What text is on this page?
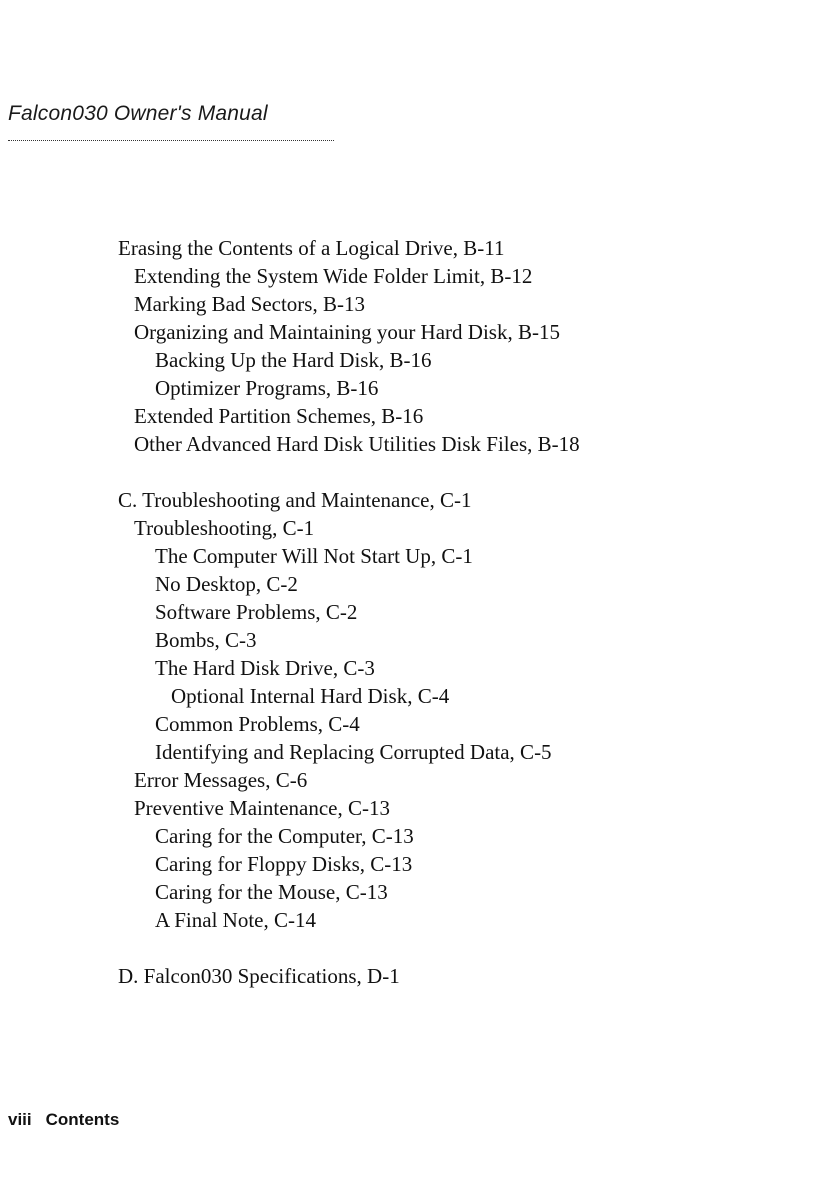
Falcon030 Owner's Manual
Erasing the Contents of a Logical Drive, B-11
Extending the System Wide Folder Limit, B-12
Marking Bad Sectors, B-13
Organizing and Maintaining your Hard Disk, B-15
Backing Up the Hard Disk, B-16
Optimizer Programs, B-16
Extended Partition Schemes, B-16
Other Advanced Hard Disk Utilities Disk Files, B-18
C. Troubleshooting and Maintenance, C-1
Troubleshooting, C-1
The Computer Will Not Start Up, C-1
No Desktop, C-2
Software Problems, C-2
Bombs, C-3
The Hard Disk Drive, C-3
Optional Internal Hard Disk, C-4
Common Problems, C-4
Identifying and Replacing Corrupted Data, C-5
Error Messages, C-6
Preventive Maintenance, C-13
Caring for the Computer, C-13
Caring for Floppy Disks, C-13
Caring for the Mouse, C-13
A Final Note, C-14
D. Falcon030 Specifications, D-1
viii Contents
